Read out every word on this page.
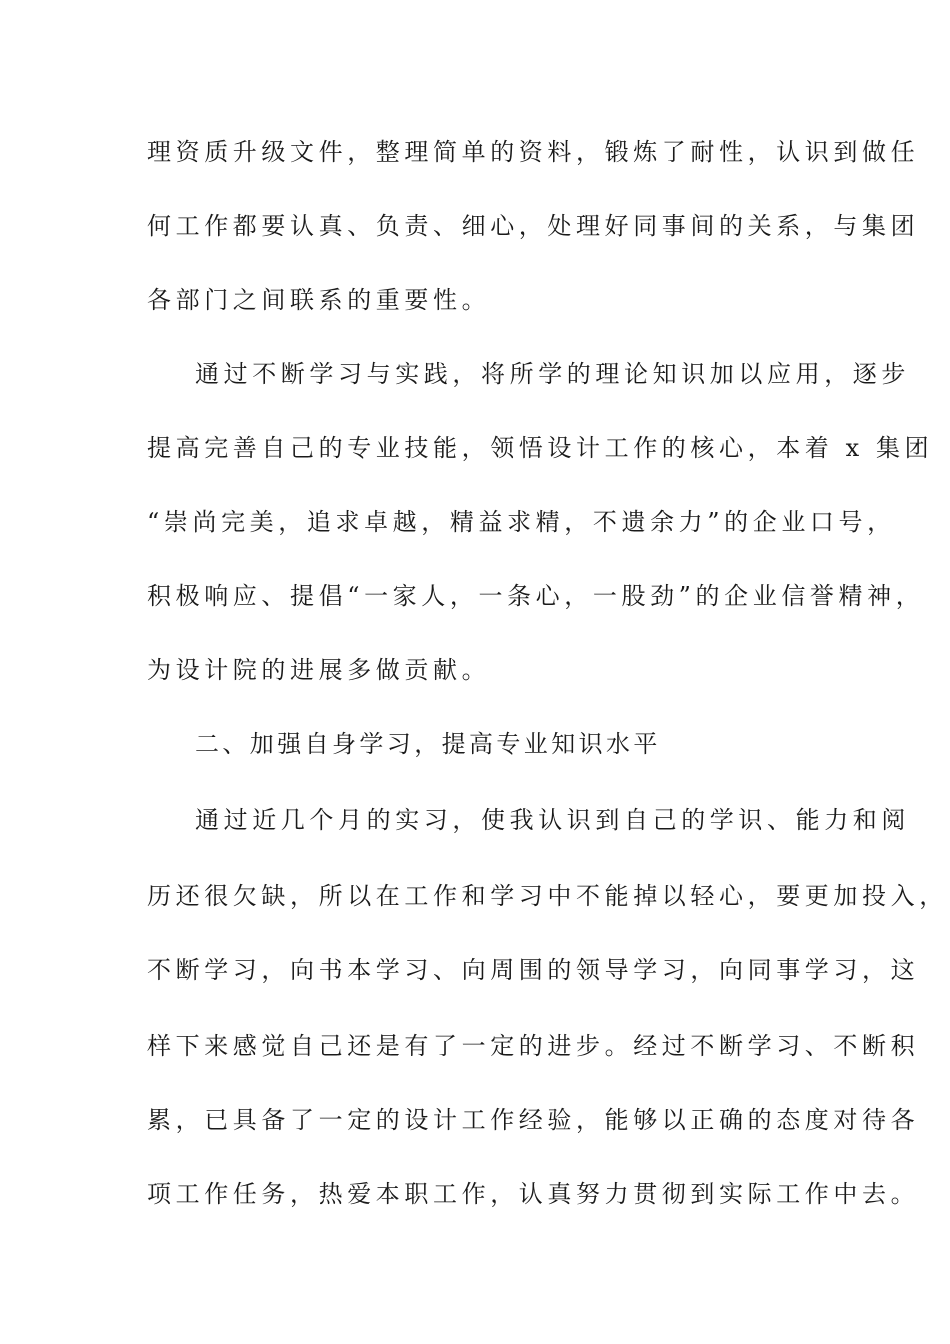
理资质升级文件，整理简单的资料，锻炼了耐性，认识到做任

何工作都要认真、负责、细心，处理好同事间的关系，与集团

各部门之间联系的重要性。

通过不断学习与实践，将所学的理论知识加以应用，逐步

提高完善自己的专业技能，领悟设计工作的核心，本着 x 集团

“崇尚完美，追求卓越，精益求精，不遗余力”的企业口号，

积极响应、提倡“一家人，一条心，一股劲”的企业信誉精神，

为设计院的进展多做贡献。

二、加强自身学习，提高专业知识水平

通过近几个月的实习，使我认识到自己的学识、能力和阅

历还很欠缺，所以在工作和学习中不能掉以轻心，要更加投入，

不断学习，向书本学习、向周围的领导学习，向同事学习，这

样下来感觉自己还是有了一定的进步。经过不断学习、不断积

累，已具备了一定的设计工作经验，能够以正确的态度对待各

项工作任务，热爱本职工作，认真努力贯彻到实际工作中去。
